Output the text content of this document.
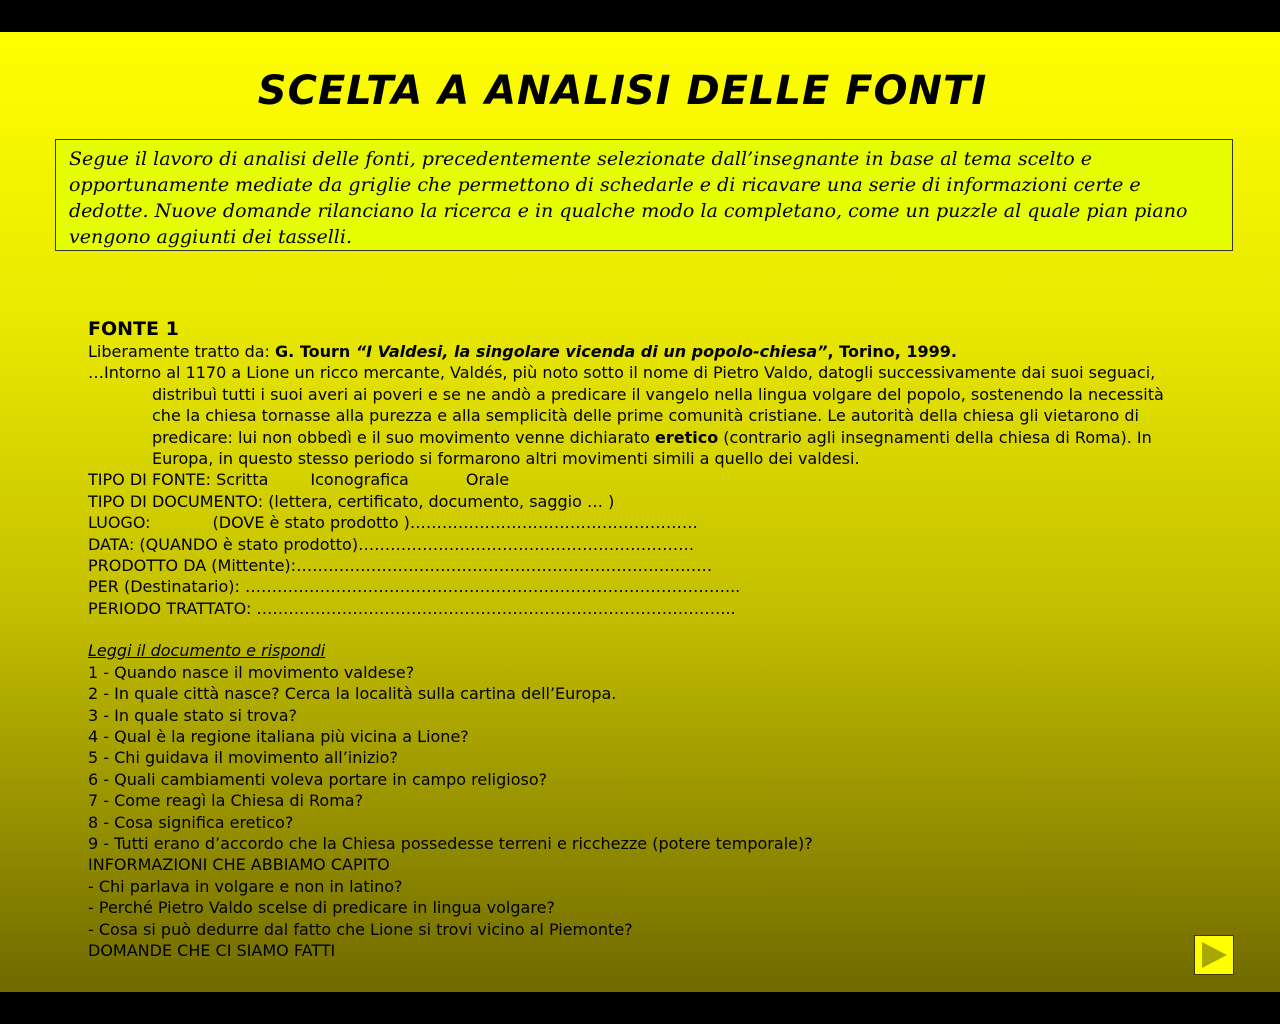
SCELTA A ANALISI DELLE FONTI
Segue il lavoro di analisi delle fonti, precedentemente selezionate dall’insegnante in base al tema scelto e opportunamente mediate da griglie che permettono di schedarle e di ricavare una serie di informazioni certe e dedotte. Nuove domande rilanciano la ricerca e in qualche modo la completano, come un puzzle al quale pian piano vengono aggiunti dei tasselli.
FONTE 1
Liberamente tratto da: G. Tourn “I Valdesi, la singolare vicenda di un popolo-chiesa”, Torino, 1999.
…Intorno al 1170 a Lione un ricco mercante, Valdés, più noto sotto il nome di Pietro Valdo, datogli successivamente dai suoi seguaci,
distribuì tutti i suoi averi ai poveri e se ne andò a predicare il vangelo nella lingua volgare del popolo, sostenendo la necessità che la chiesa tornasse alla purezza e alla semplicità delle prime comunità cristiane. Le autorità della chiesa gli vietarono di predicare: lui non obbedì e il suo movimento venne dichiarato eretico (contrario agli insegnamenti della chiesa di Roma). In Europa, in questo stesso periodo si formarono altri movimenti simili a quello dei valdesi.
TIPO DI FONTE: Scritta	Iconografica	Orale
TIPO DI DOCUMENTO: (lettera, certificato, documento, saggio … )
LUOGO:	(DOVE è stato prodotto )………………………………………………
DATA: (QUANDO è stato prodotto)………………………………………………………
PRODOTTO DA (Mittente):……………………………………………………………………
PER (Destinatario): ………………………………………………………………………………...
PERIODO TRATTATO: ……………………………………………………………………………...
Leggi il documento e rispondi
1 - Quando nasce il movimento valdese?
2 - In quale città nasce? Cerca la località sulla cartina dell’Europa.
3 - In quale stato si trova?
4 - Qual è la regione italiana più vicina a Lione?
5 - Chi guidava il movimento all’inizio?
6 - Quali cambiamenti voleva portare in campo religioso?
7 - Come reagì la Chiesa di Roma?
8 - Cosa significa eretico?
9 - Tutti erano d’accordo che la Chiesa possedesse terreni e ricchezze (potere temporale)?
INFORMAZIONI CHE ABBIAMO CAPITO
- Chi parlava in volgare e non in latino?
- Perché Pietro Valdo scelse di predicare in lingua volgare?
- Cosa si può dedurre dal fatto che Lione si trovi vicino al Piemonte?
DOMANDE CHE CI SIAMO FATTI
